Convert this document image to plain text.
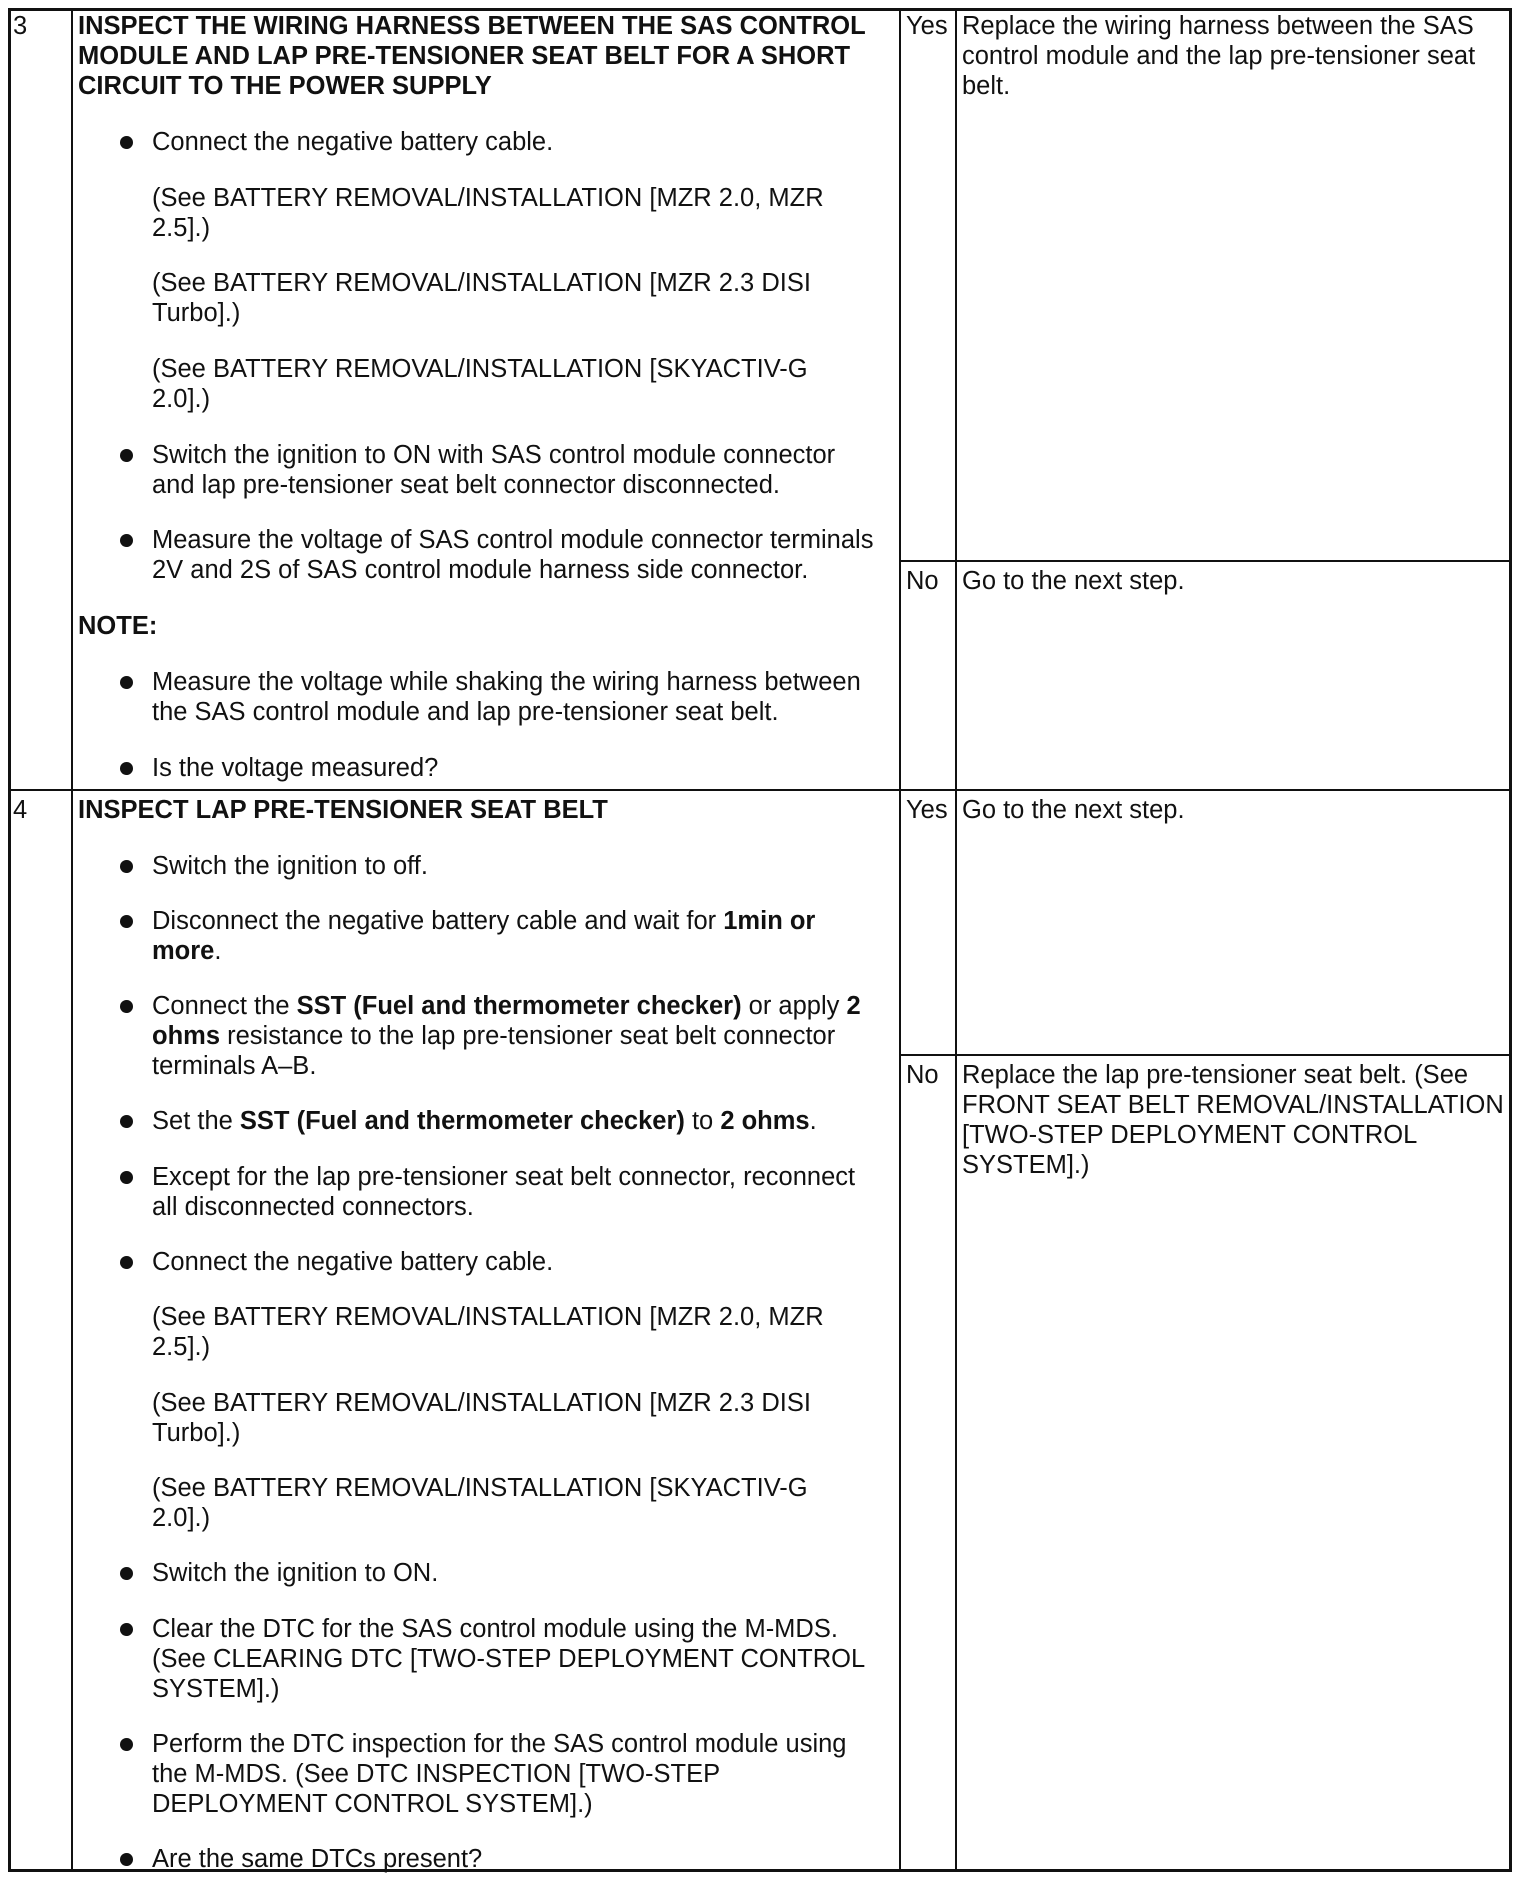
3 INSPECT THE WIRING HARNESS BETWEEN THE SAS CONTROL
MODULE AND LAP PRE-TENSIONER SEAT BELT FOR A SHORT
CIRCUIT TO THE POWER SUPPLY
Connect the negative battery cable.
(See BATTERY REMOVAL/INSTALLATION [MZR 2.0, MZR
2.5].)
(See BATTERY REMOVAL/INSTALLATION [MZR 2.3 DISI
Turbo].)
(See BATTERY REMOVAL/INSTALLATION [SKYACTIV-G
2.0].)
Switch the ignition to ON with SAS control module connector
and lap pre-tensioner seat belt connector disconnected.
Measure the voltage of SAS control module connector terminals
2V and 2S of SAS control module harness side connector.
NOTE:
Measure the voltage while shaking the wiring harness between
the SAS control module and lap pre-tensioner seat belt.
Is the voltage measured?
Yes Replace the wiring harness between the SAS
control module and the lap pre-tensioner seat
belt.
No Go to the next step.
4 INSPECT LAP PRE-TENSIONER SEAT BELT
Switch the ignition to off.
Disconnect the negative battery cable and wait for 1min or
more.
Connect the SST (Fuel and thermometer checker) or apply 2
ohms resistance to the lap pre-tensioner seat belt connector
terminals A–B.
Set the SST (Fuel and thermometer checker) to 2 ohms.
Except for the lap pre-tensioner seat belt connector, reconnect
all disconnected connectors.
Connect the negative battery cable.
(See BATTERY REMOVAL/INSTALLATION [MZR 2.0, MZR
2.5].)
(See BATTERY REMOVAL/INSTALLATION [MZR 2.3 DISI
Turbo].)
(See BATTERY REMOVAL/INSTALLATION [SKYACTIV-G
2.0].)
Switch the ignition to ON.
Clear the DTC for the SAS control module using the M-MDS.
(See CLEARING DTC [TWO-STEP DEPLOYMENT CONTROL
SYSTEM].)
Perform the DTC inspection for the SAS control module using
the M-MDS. (See DTC INSPECTION [TWO-STEP
DEPLOYMENT CONTROL SYSTEM].)
Are the same DTCs present?
Yes Go to the next step.
No Replace the lap pre-tensioner seat belt. (See
FRONT SEAT BELT REMOVAL/INSTALLATION
[TWO-STEP DEPLOYMENT CONTROL
SYSTEM].)
